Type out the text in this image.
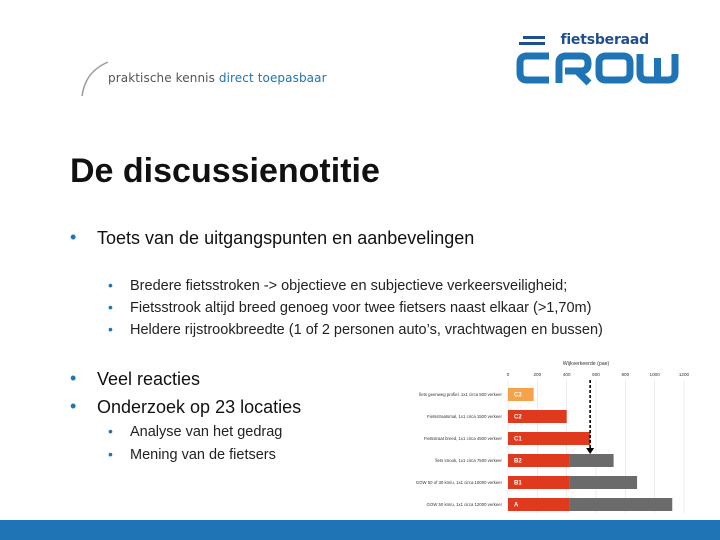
praktische kennis direct toepasbaar
fietsberaad
De discussienotitie
• Toets van de uitgangspunten en aanbevelingen
• Bredere fietsstroken -> objectieve en subjectieve verkeersveiligheid;
• Fietsstrook altijd breed genoeg voor twee fietsers naast elkaar (>1,70m)
• Heldere rijstrookbreedte (1 of 2 personen auto’s, vrachtwagen en bussen)
• Veel reacties
• Onderzoek op 23 locaties
• Analyse van het gedrag
• Mening van de fietsers
Wijkverkeerde (pae)
0	200	400	600	800	1000	1200
fiets geenweg profiel, 1x1 circa 500 verkeer C3
Fietsstraatsmal, 1x1 circa 1500 verkeer C2
Fietsstraat breed, 1x1 circa 4500 verkeer C1
fiets strook, 1x1 circa 7500 verkeer B2
GOW 50 of 30 km/u, 1x1 circa 10000 verkeer B1
GOW 50 km/u, 1x1 circa 12000 verkeer A
